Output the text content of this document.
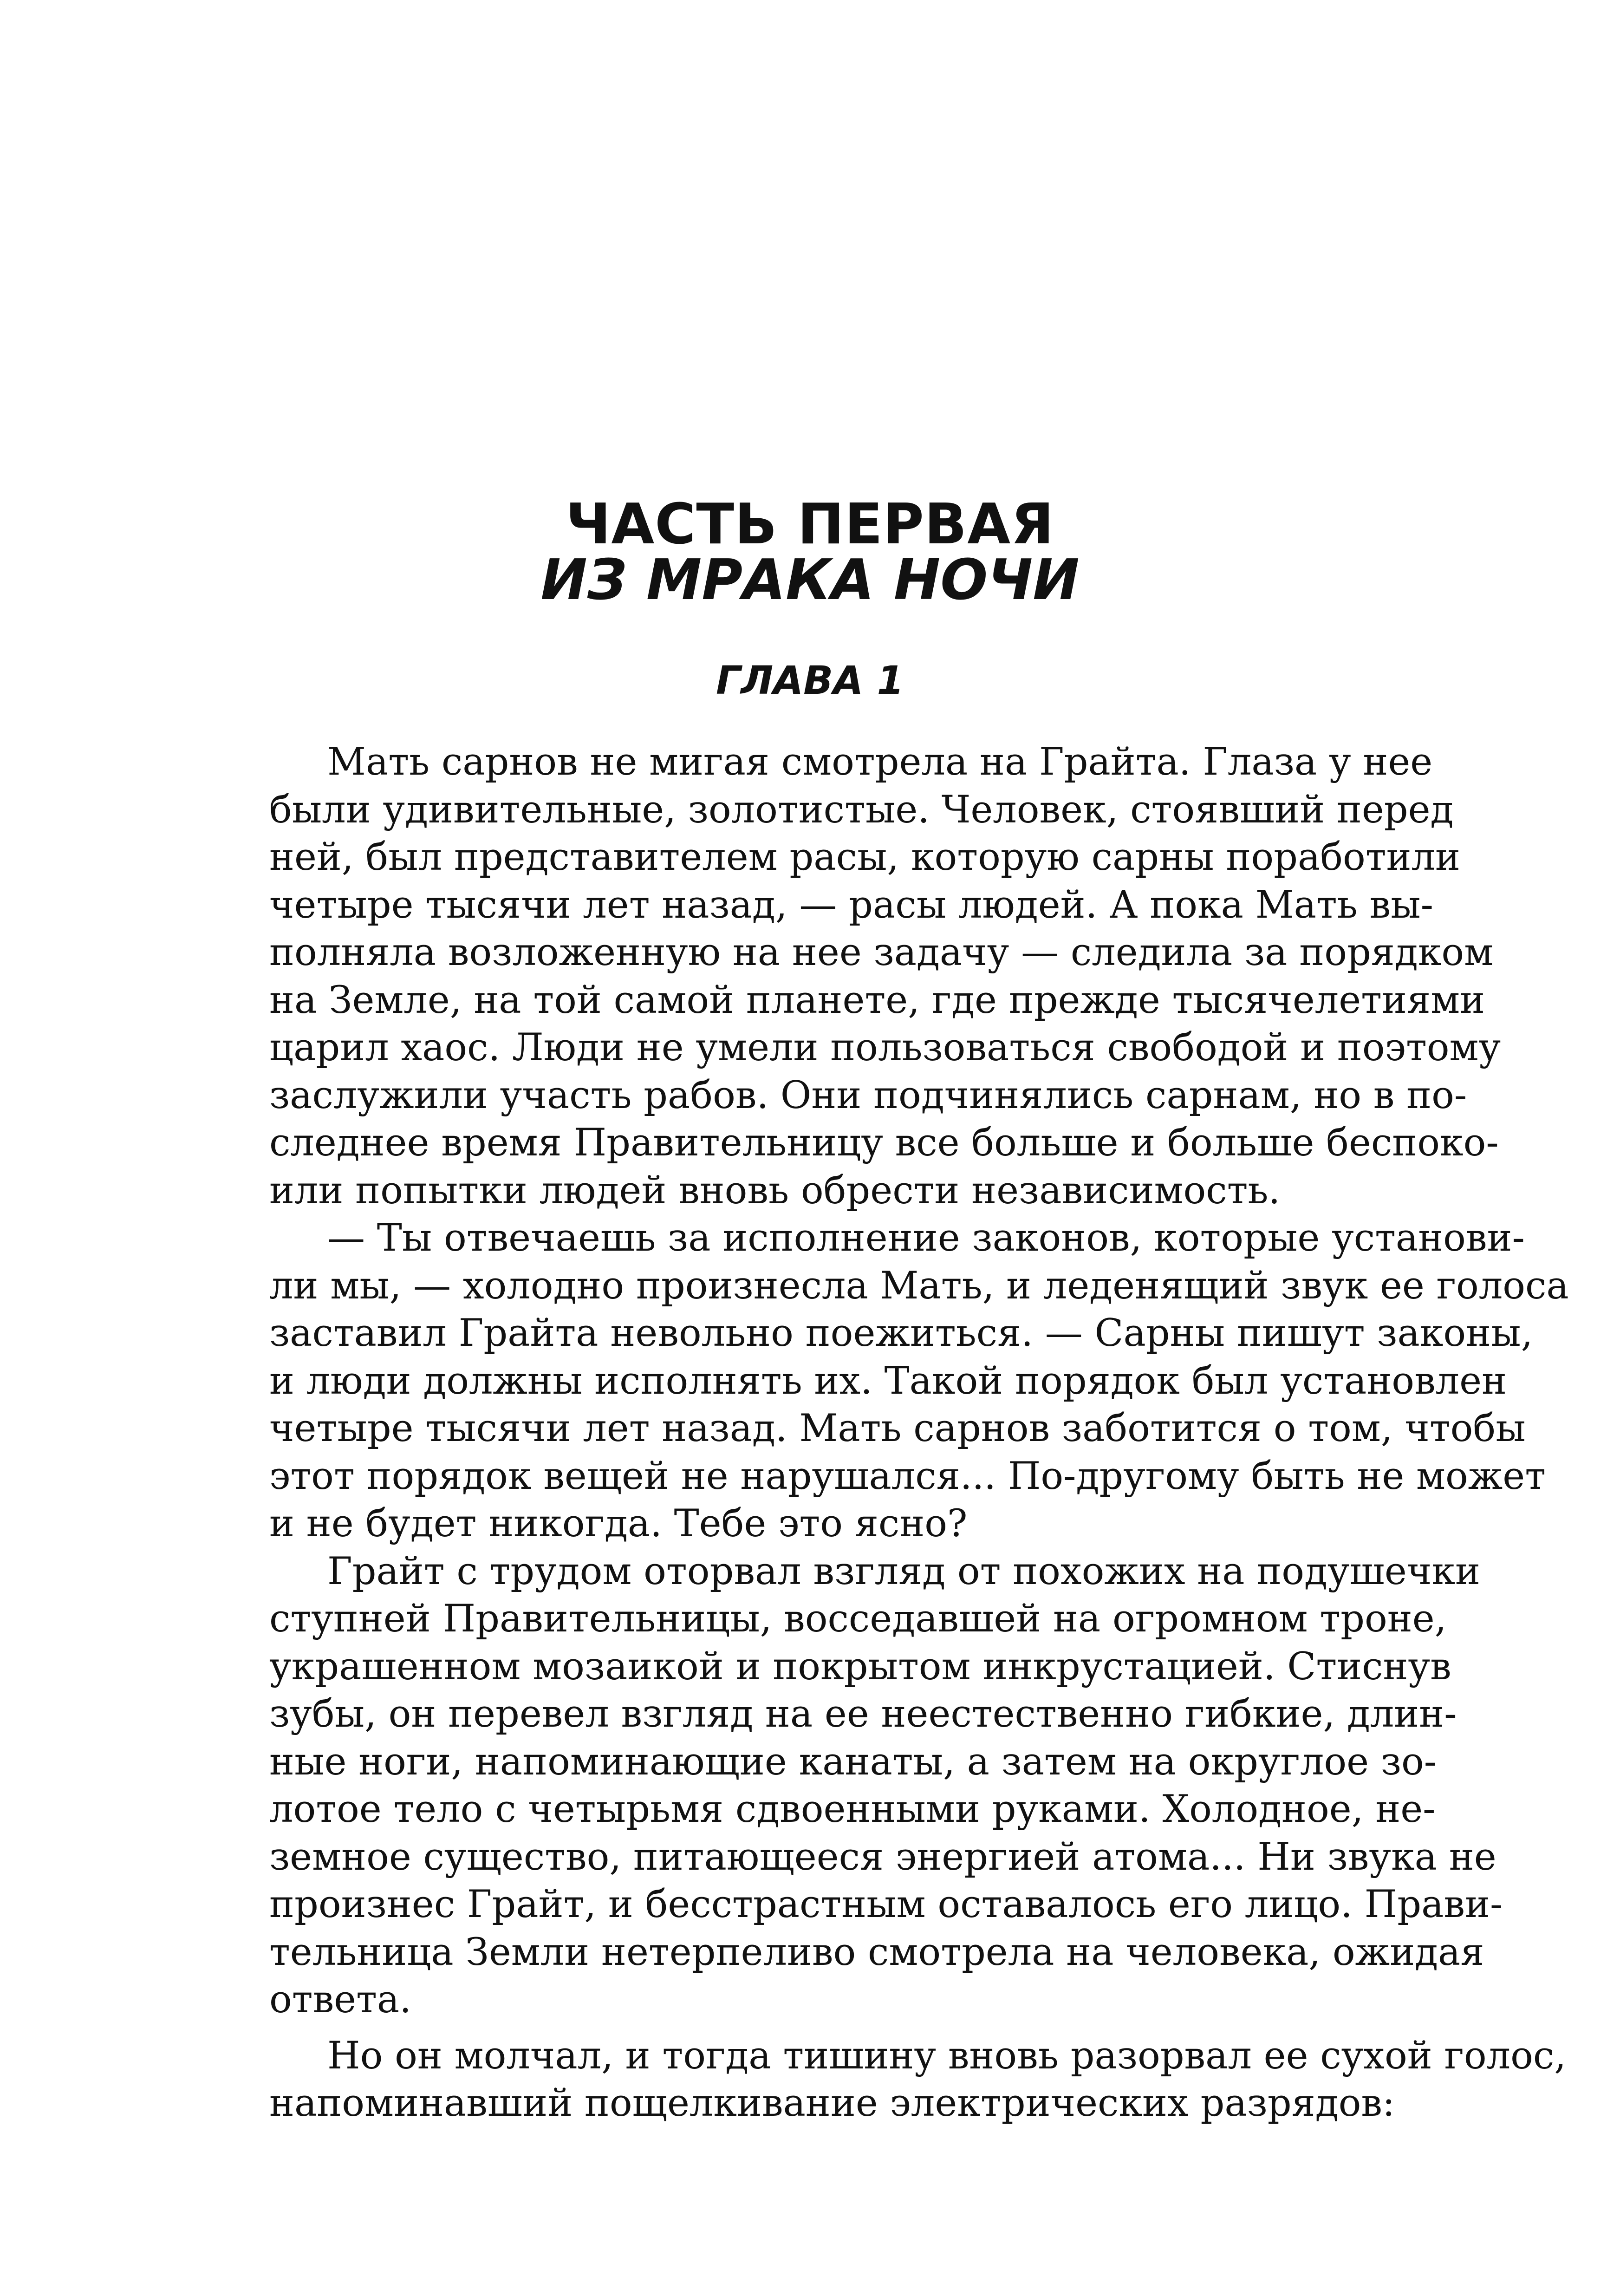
ЧАСТЬ ПЕРВАЯ
ИЗ МРАКА НОЧИ
ГЛАВА 1
Мать сарнов не мигая смотрела на Грайта. Глаза у нее
были удивительные, золотистые. Человек, стоявший перед
ней, был представителем расы, которую сарны поработили
четыре тысячи лет назад, — расы людей. А пока Мать вы-
полняла возложенную на нее задачу — следила за порядком
на Земле, на той самой планете, где прежде тысячелетиями
царил хаос. Люди не умели пользоваться свободой и поэтому
заслужили участь рабов. Они подчинялись сарнам, но в по-
следнее время Правительницу все больше и больше беспоко-
или попытки людей вновь обрести независимость.
— Ты отвечаешь за исполнение законов, которые установи-
ли мы, — холодно произнесла Мать, и леденящий звук ее голоса
заставил Грайта невольно поежиться. — Сарны пишут законы,
и люди должны исполнять их. Такой порядок был установлен
четыре тысячи лет назад. Мать сарнов заботится о том, чтобы
этот порядок вещей не нарушался... По-другому быть не может
и не будет никогда. Тебе это ясно?
Грайт с трудом оторвал взгляд от похожих на подушечки
ступней Правительницы, восседавшей на огромном троне,
украшенном мозаикой и покрытом инкрустацией. Стиснув
зубы, он перевел взгляд на ее неестественно гибкие, длин-
ные ноги, напоминающие канаты, а затем на округлое зо-
лотое тело с четырьмя сдвоенными руками. Холодное, не-
земное существо, питающееся энергией атома... Ни звука не
произнес Грайт, и бесстрастным оставалось его лицо. Прави-
тельница Земли нетерпеливо смотрела на человека, ожидая
ответа.
Но он молчал, и тогда тишину вновь разорвал ее сухой голос,
напоминавший пощелкивание электрических разрядов:
